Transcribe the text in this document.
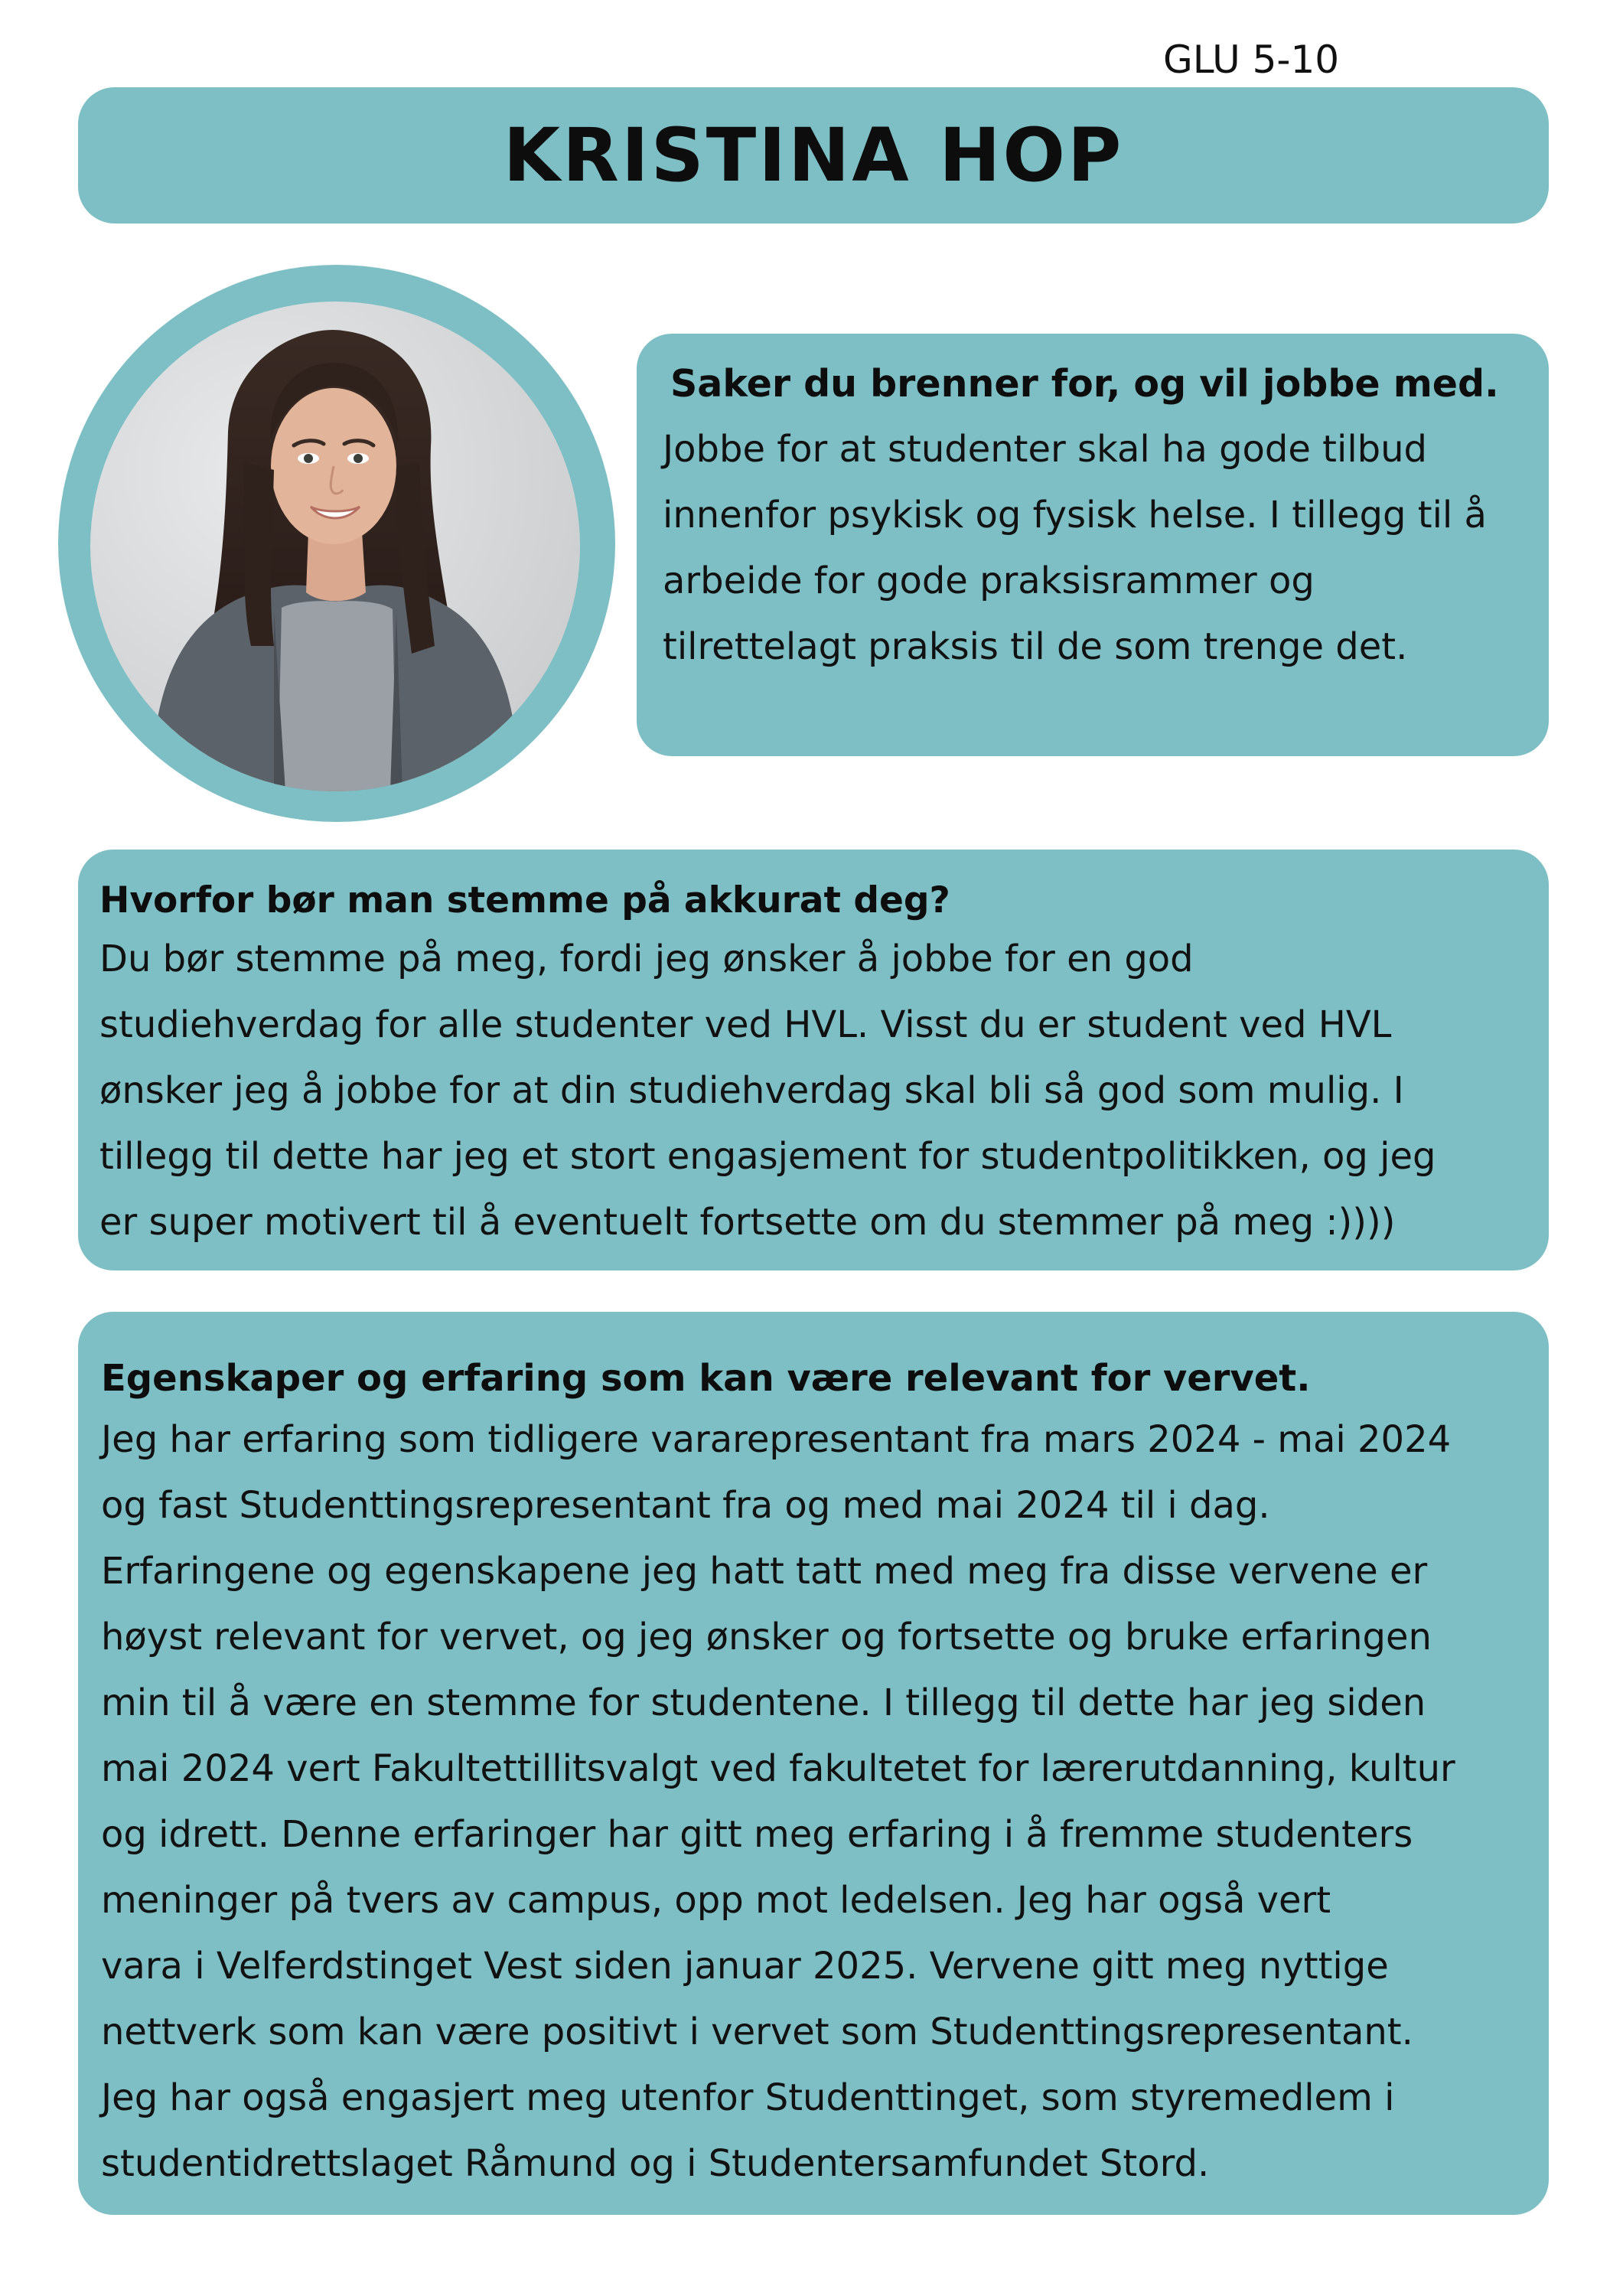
GLU 5-10
KRISTINA HOP
Saker du brenner for, og vil jobbe med.
Jobbe for at studenter skal ha gode tilbud
innenfor psykisk og fysisk helse. I tillegg til å
arbeide for gode praksisrammer og
tilrettelagt praksis til de som trenge det.
Hvorfor bør man stemme på akkurat deg?
Du bør stemme på meg, fordi jeg ønsker å jobbe for en god
studiehverdag for alle studenter ved HVL. Visst du er student ved HVL
ønsker jeg å jobbe for at din studiehverdag skal bli så god som mulig. I
tillegg til dette har jeg et stort engasjement for studentpolitikken, og jeg
er super motivert til å eventuelt fortsette om du stemmer på meg :))))
Egenskaper og erfaring som kan være relevant for vervet.
Jeg har erfaring som tidligere vararepresentant fra mars 2024 - mai 2024
og fast Studenttingsrepresentant fra og med mai 2024 til i dag.
Erfaringene og egenskapene jeg hatt tatt med meg fra disse vervene er
høyst relevant for vervet, og jeg ønsker og fortsette og bruke erfaringen
min til å være en stemme for studentene. I tillegg til dette har jeg siden
mai 2024 vert Fakultettillitsvalgt ved fakultetet for lærerutdanning, kultur
og idrett. Denne erfaringer har gitt meg erfaring i å fremme studenters
meninger på tvers av campus, opp mot ledelsen. Jeg har også vert
vara i Velferdstinget Vest siden januar 2025. Vervene gitt meg nyttige
nettverk som kan være positivt i vervet som Studenttingsrepresentant.
Jeg har også engasjert meg utenfor Studenttinget, som styremedlem i
studentidrettslaget Råmund og i Studentersamfundet Stord.
